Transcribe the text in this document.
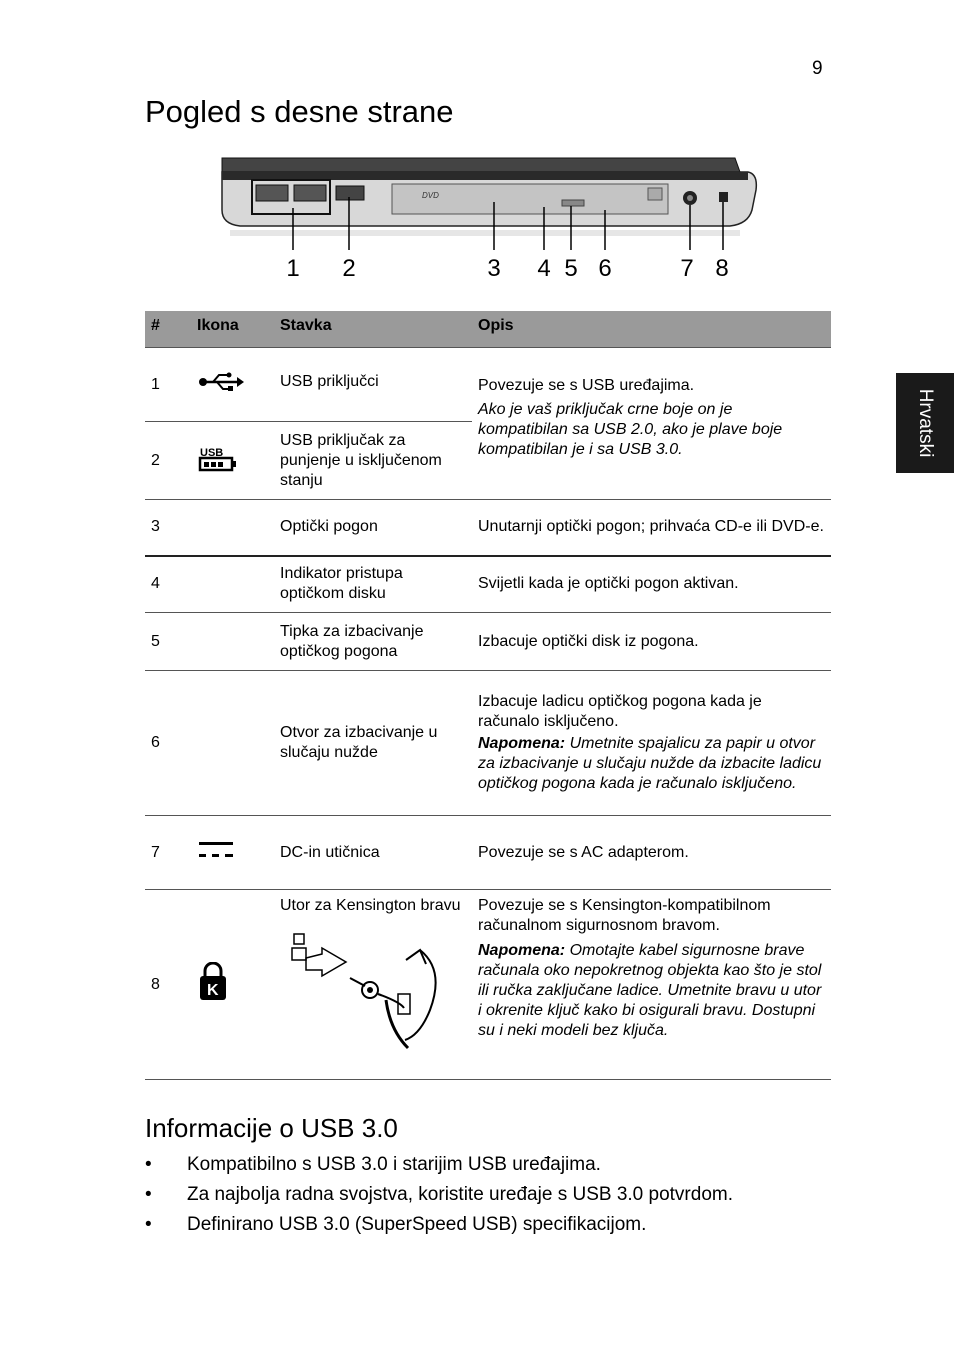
9
Pogled s desne strane
Hrvatski
DVD
1 2	3 4 5 6	7 8
#	Ikona	Stavka	Opis
1		USB priključci	Povezuje se s USB uređajima.
Ako je vaš priključak crne boje on je kompatibilan sa USB 2.0, ako je plave boje kompatibilan je i sa USB 3.0.

2	USB	USB priključak za punjenje u isključenom stanju	
3		Optički pogon	Unutarnji optički pogon; prihvaća CD-e ili DVD-e.
4		Indikator pristupa optičkom disku	Svijetli kada je optički pogon aktivan.
5		Tipka za izbacivanje optičkog pogona	Izbacuje optički disk iz pogona.
6		Otvor za izbacivanje u slučaju nužde	Izbacuje ladicu optičkog pogona kada je računalo isključeno.
Napomena: Umetnite spajalicu za papir u otvor za izbacivanje u slučaju nužde da izbacite ladicu optičkog pogona kada je računalo isključeno.

7		DC-in utičnica	Povezuje se s AC adapterom.
8	K	Utor za Kensington bravu	Povezuje se s Kensington-kompatibilnom računalnom sigurnosnom bravom.
Napomena: Omotajte kabel sigurnosne brave računala oko nepokretnog objekta kao što je stol ili ručka zaključane ladice. Umetnite bravu u utor i okrenite ključ kako bi osigurali bravu. Dostupni su i neki modeli bez ključa.
Informacije o USB 3.0
• Kompatibilno s USB 3.0 i starijim USB uređajima.
• Za najbolja radna svojstva, koristite uređaje s USB 3.0 potvrdom.
• Definirano USB 3.0 (SuperSpeed USB) specifikacijom.
